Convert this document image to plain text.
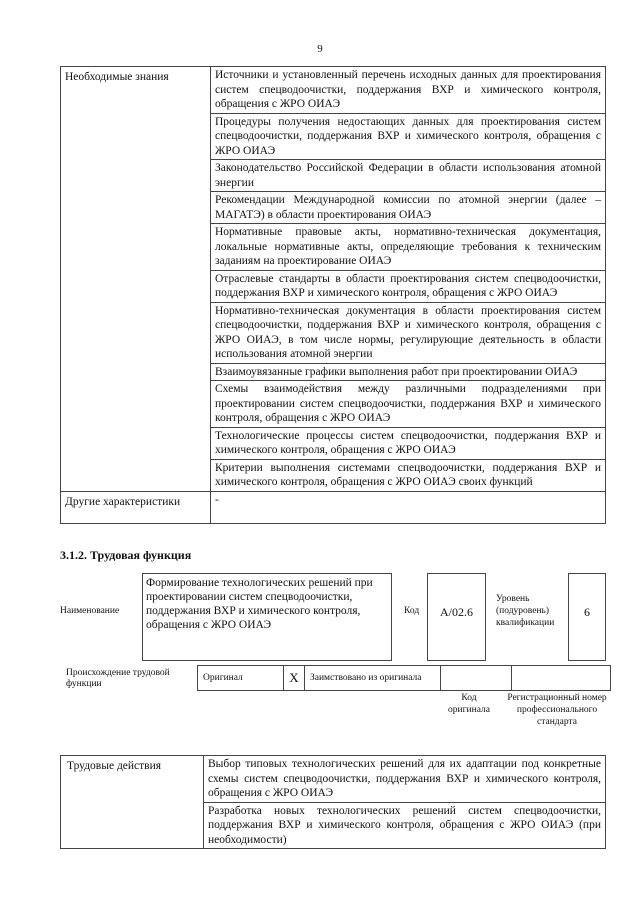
9
Необходимые знания	Источники и установленный перечень исходных данных для проектирования систем спецводоочистки, поддержания ВХР и химического контроля, обращения с ЖРО ОИАЭ
	Процедуры получения недостающих данных для проектирования систем спецводоочистки, поддержания ВХР и химического контроля, обращения с ЖРО ОИАЭ
	Законодательство Российской Федерации в области использования атомной энергии
	Рекомендации Международной комиссии по атомной энергии (далее – МАГАТЭ) в области проектирования ОИАЭ
	Нормативные правовые акты, нормативно-техническая документация, локальные нормативные акты, определяющие требования к техническим заданиям на проектирование ОИАЭ
	Отраслевые стандарты в области проектирования систем спецводоочистки, поддержания ВХР и химического контроля, обращения с ЖРО ОИАЭ
	Нормативно-техническая документация в области проектирования систем спецводоочистки, поддержания ВХР и химического контроля, обращения с ЖРО ОИАЭ, в том числе нормы, регулирующие деятельность в области использования атомной энергии
	Взаимоувязанные графики выполнения работ при проектировании ОИАЭ
	Схемы взаимодействия между различными подразделениями при проектировании систем спецводоочистки, поддержания ВХР и химического контроля, обращения с ЖРО ОИАЭ
	Технологические процессы систем спецводоочистки, поддержания ВХР и химического контроля, обращения с ЖРО ОИАЭ
	Критерии выполнения системами спецводоочистки, поддержания ВХР и химического контроля, обращения с ЖРО ОИАЭ своих функций
Другие характеристики	-
3.1.2. Трудовая функция
Наименование
Формирование технологических решений при проектировании систем спецводоочистки, поддержания ВХР и химического контроля, обращения с ЖРО ОИАЭ
Код	А/02.6
Уровень (подуровень) квалификации
6
Происхождение трудовой функции
Оригинал	X	Заимствовано из оригинала		
Код оригинала
Регистрационный номер профессионального стандарта
Трудовые действия	Выбор типовых технологических решений для их адаптации под конкретные схемы систем спецводоочистки, поддержания ВХР и химического контроля, обращения с ЖРО ОИАЭ
Разработка новых технологических решений систем спецводоочистки, поддержания ВХР и химического контроля, обращения с ЖРО ОИАЭ (при необходимости)
